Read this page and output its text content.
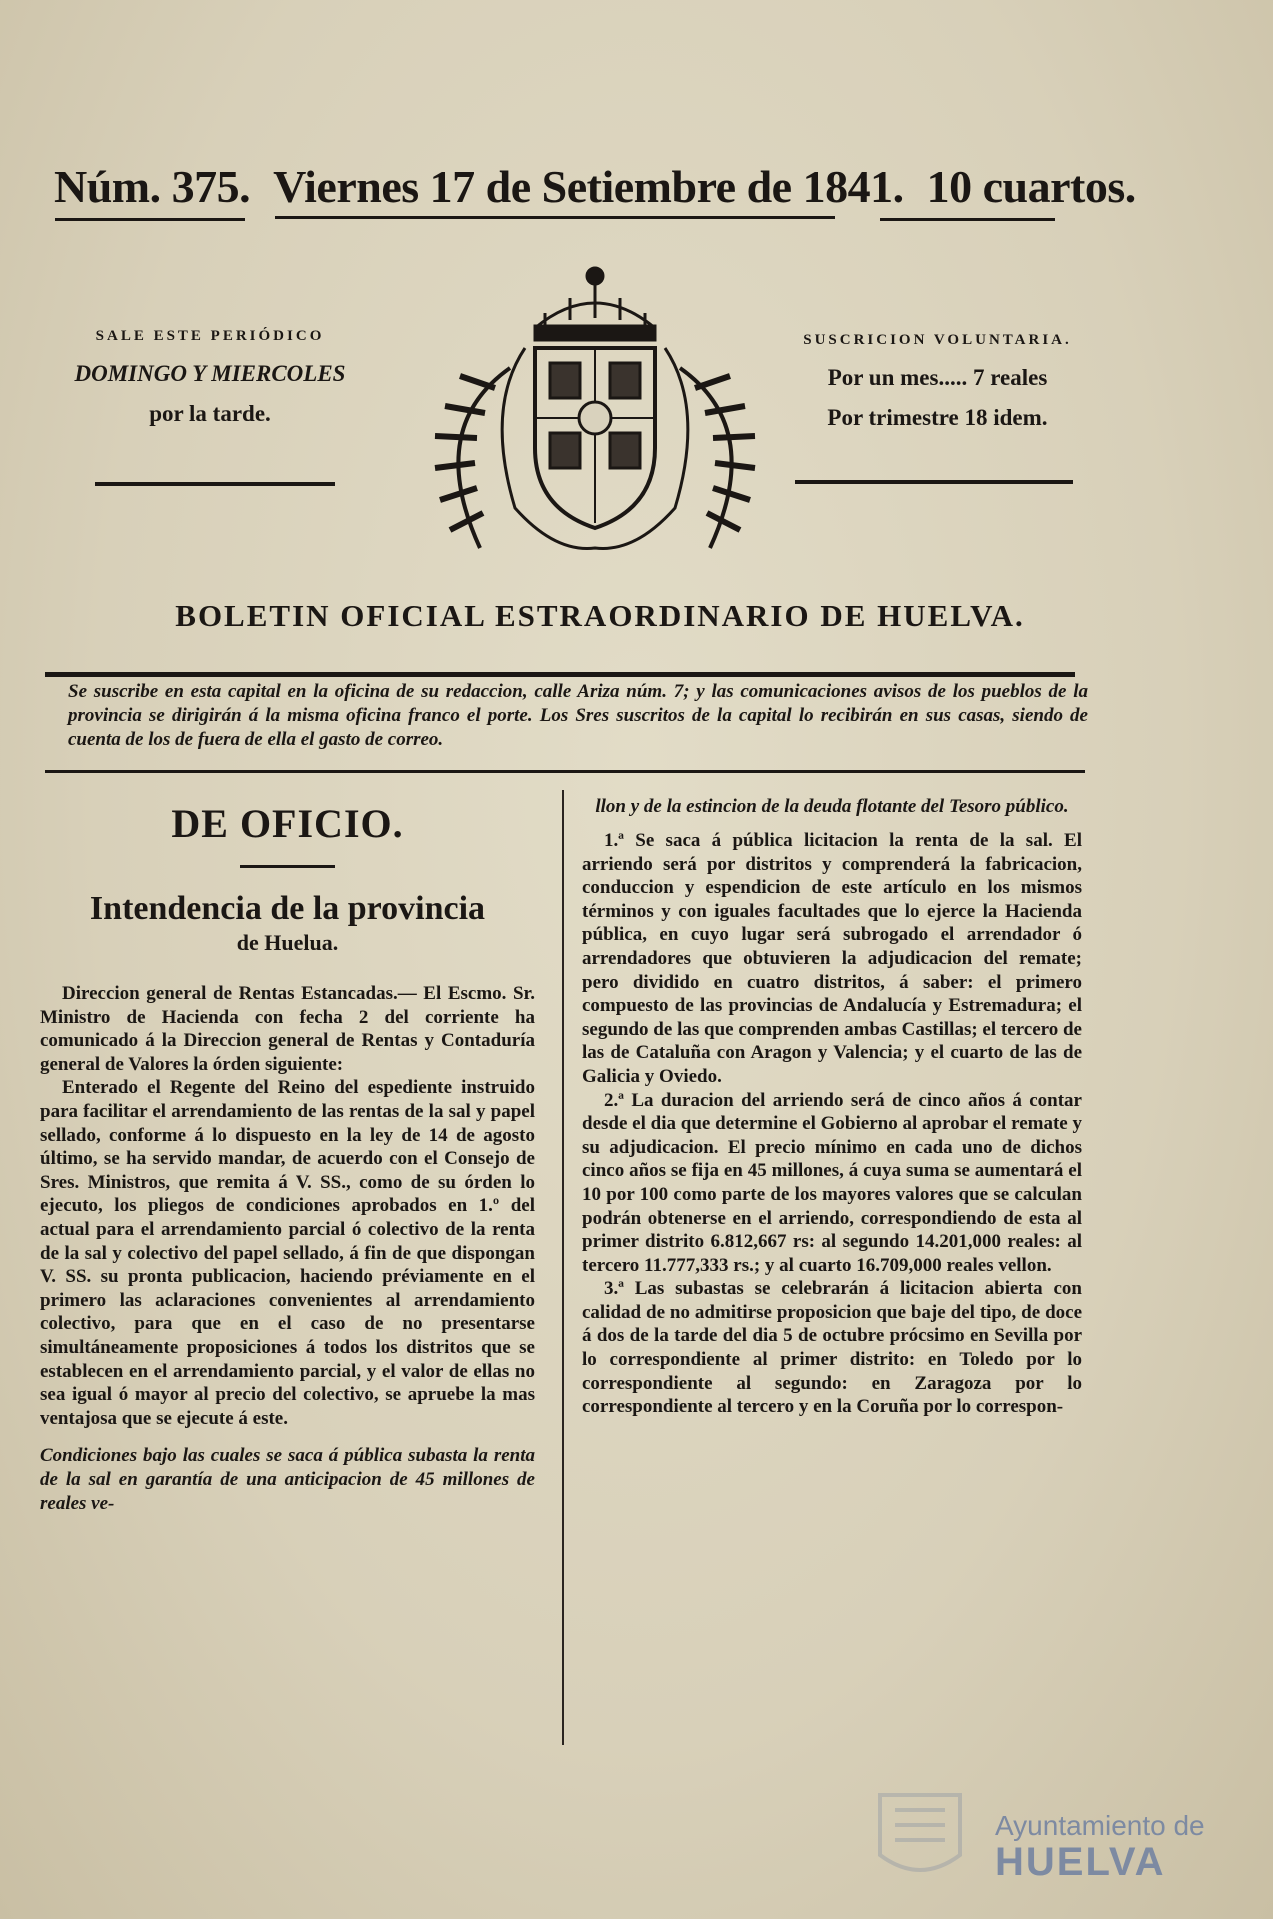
Núm. 375. Viernes 17 de Setiembre de 1841. 10 cuartos.
SALE ESTE PERIÓDICO
DOMINGO Y MIERCOLES
por la tarde.
SUSCRICION VOLUNTARIA.
Por un mes..... 7 reales
Por trimestre 18 idem.
BOLETIN OFICIAL ESTRAORDINARIO DE HUELVA.
Se suscribe en esta capital en la oficina de su redaccion, calle Ariza núm. 7; y las comunicaciones avisos de los pueblos de la provincia se dirigirán á la misma oficina franco el porte. Los Sres suscritos de la capital lo recibirán en sus casas, siendo de cuenta de los de fuera de ella el gasto de correo.
DE OFICIO.
Intendencia de la provincia
de Huelua.

Direccion general de Rentas Estancadas.— El Escmo. Sr. Ministro de Hacienda con fecha 2 del corriente ha comunicado á la Direccion general de Rentas y Contaduría general de Valores la órden siguiente:

Enterado el Regente del Reino del espediente instruido para facilitar el arrendamiento de las rentas de la sal y papel sellado, conforme á lo dispuesto en la ley de 14 de agosto último, se ha servido mandar, de acuerdo con el Consejo de Sres. Ministros, que remita á V. SS., como de su órden lo ejecuto, los pliegos de condiciones aprobados en 1.º del actual para el arrendamiento parcial ó colectivo de la renta de la sal y colectivo del papel sellado, á fin de que dispongan V. SS. su pronta publicacion, haciendo préviamente en el primero las aclaraciones convenientes al arrendamiento colectivo, para que en el caso de no presentarse simultáneamente proposiciones á todos los distritos que se establecen en el arrendamiento parcial, y el valor de ellas no sea igual ó mayor al precio del colectivo, se apruebe la mas ventajosa que se ejecute á este.

Condiciones bajo las cuales se saca á pública subasta la renta de la sal en garantía de una anticipacion de 45 millones de reales ve-

llon y de la estincion de la deuda flotante del Tesoro público.

1.ª Se saca á pública licitacion la renta de la sal. El arriendo será por distritos y comprenderá la fabricacion, conduccion y espendicion de este artículo en los mismos términos y con iguales facultades que lo ejerce la Hacienda pública, en cuyo lugar será subrogado el arrendador ó arrendadores que obtuvieren la adjudicacion del remate; pero dividido en cuatro distritos, á saber: el primero compuesto de las provincias de Andalucía y Estremadura; el segundo de las que comprenden ambas Castillas; el tercero de las de Cataluña con Aragon y Valencia; y el cuarto de las de Galicia y Oviedo.

2.ª La duracion del arriendo será de cinco años á contar desde el dia que determine el Gobierno al aprobar el remate y su adjudicacion. El precio mínimo en cada uno de dichos cinco años se fija en 45 millones, á cuya suma se aumentará el 10 por 100 como parte de los mayores valores que se calculan podrán obtenerse en el arriendo, correspondiendo de esta al primer distrito 6.812,667 rs: al segundo 14.201,000 reales: al tercero 11.777,333 rs.; y al cuarto 16.709,000 reales vellon.

3.ª Las subastas se celebrarán á licitacion abierta con calidad de no admitirse proposicion que baje del tipo, de doce á dos de la tarde del dia 5 de octubre prócsimo en Sevilla por lo correspondiente al primer distrito: en Toledo por lo correspondiente al segundo: en Zaragoza por lo correspondiente al tercero y en la Coruña por lo correspon-

Ayuntamiento de
HUELVA
